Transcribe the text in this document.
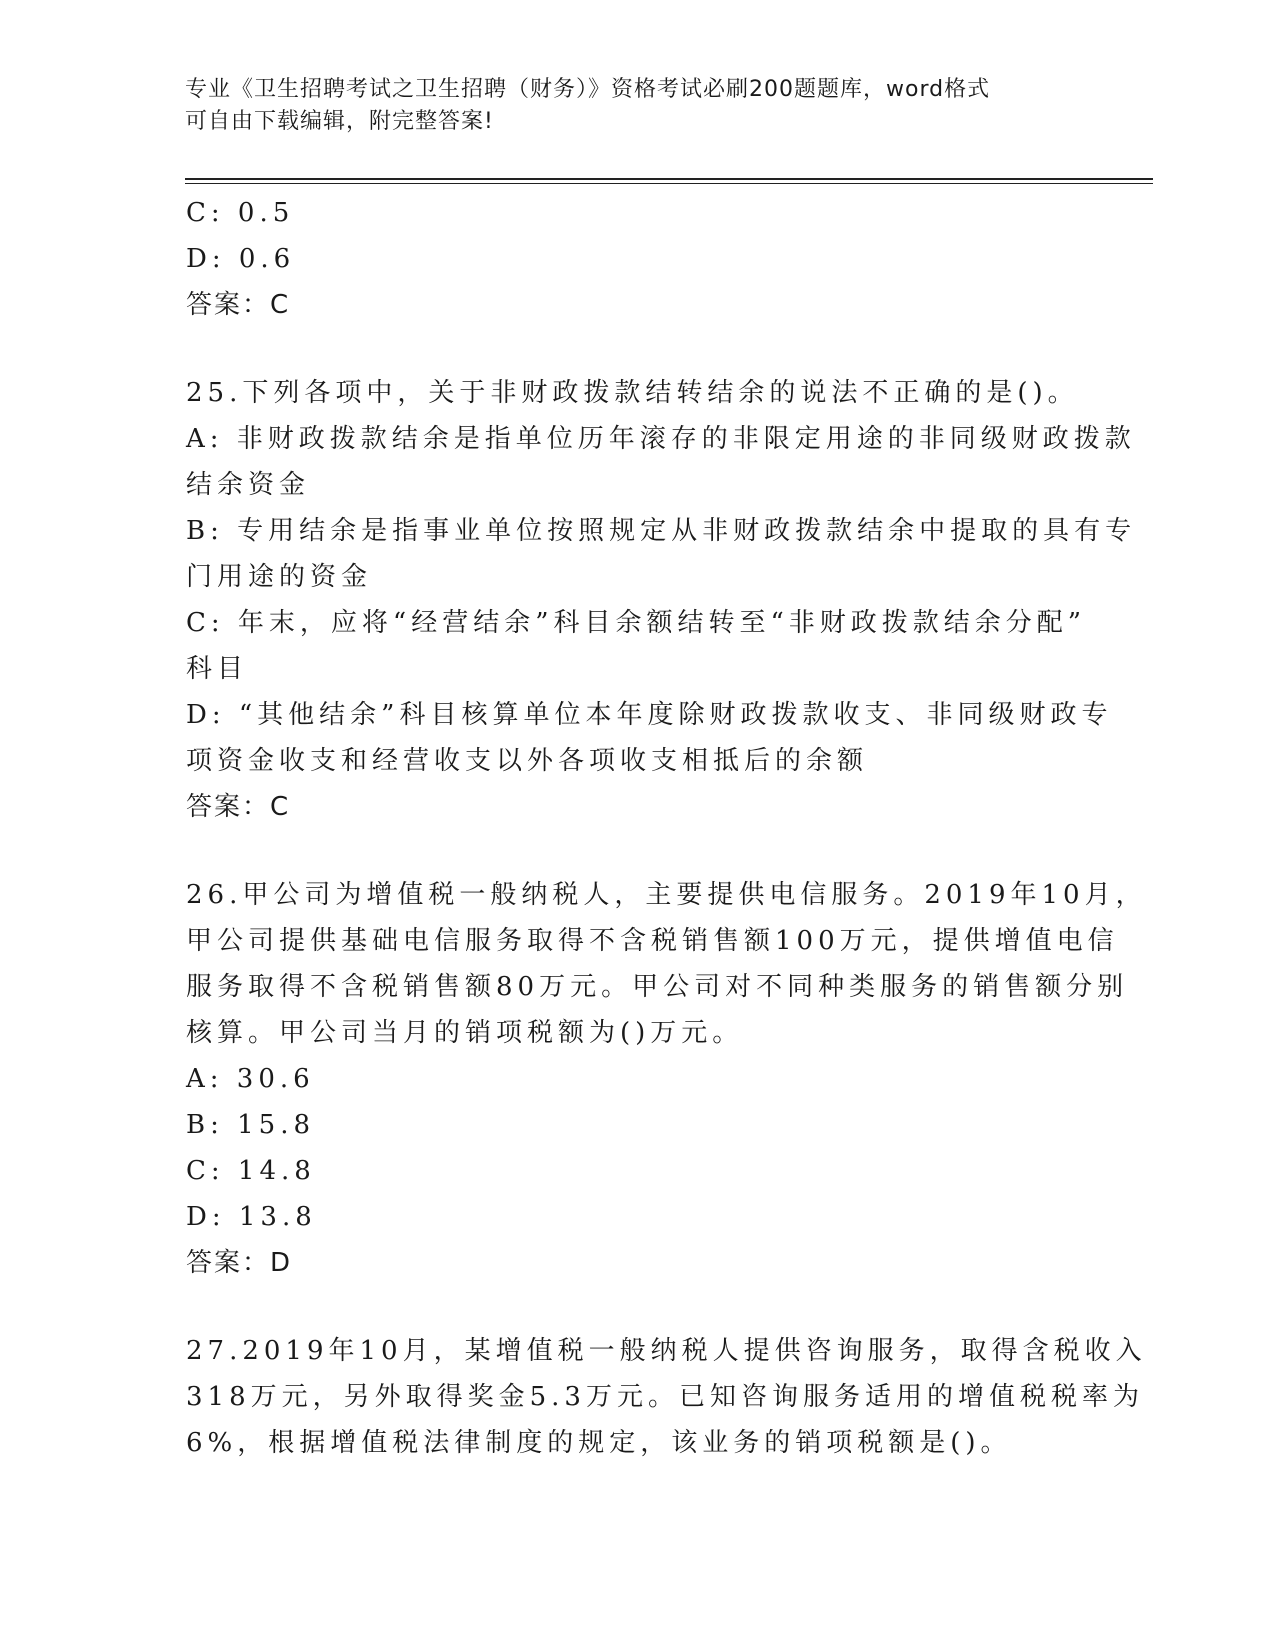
专业《卫生招聘考试之卫生招聘（财务）》资格考试必刷200题题库，word格式
可自由下载编辑，附完整答案!
C: 0.5
D: 0.6
答案：C
25.下列各项中，关于非财政拨款结转结余的说法不正确的是()。
A: 非财政拨款结余是指单位历年滚存的非限定用途的非同级财政拨款
结余资金
B: 专用结余是指事业单位按照规定从非财政拨款结余中提取的具有专
门用途的资金
C: 年末，应将“经营结余”科目余额结转至“非财政拨款结余分配”
科目
D: “其他结余”科目核算单位本年度除财政拨款收支、非同级财政专
项资金收支和经营收支以外各项收支相抵后的余额
答案：C
26.甲公司为增值税一般纳税人，主要提供电信服务。2019年10月，
甲公司提供基础电信服务取得不含税销售额100万元，提供增值电信
服务取得不含税销售额80万元。甲公司对不同种类服务的销售额分别
核算。甲公司当月的销项税额为()万元。
A: 30.6
B: 15.8
C: 14.8
D: 13.8
答案：D
27.2019年10月，某增值税一般纳税人提供咨询服务，取得含税收入
318万元，另外取得奖金5.3万元。已知咨询服务适用的增值税税率为
6%，根据增值税法律制度的规定，该业务的销项税额是()。
